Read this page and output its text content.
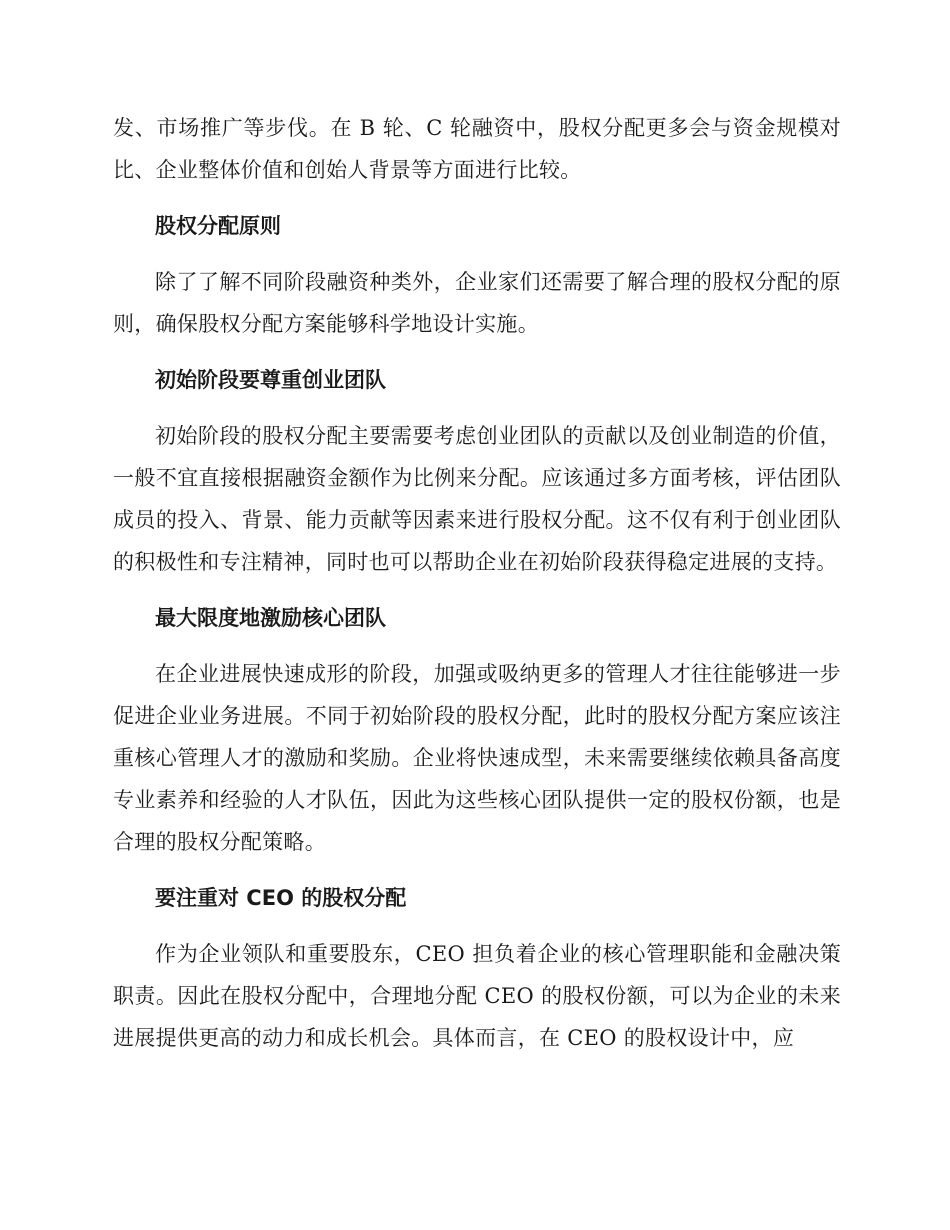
发、市场推广等步伐。在 B 轮、C 轮融资中，股权分配更多会与资金规模对比、企业整体价值和创始人背景等方面进行比较。

股权分配原则

除了了解不同阶段融资种类外，企业家们还需要了解合理的股权分配的原则，确保股权分配方案能够科学地设计实施。

初始阶段要尊重创业团队

初始阶段的股权分配主要需要考虑创业团队的贡献以及创业制造的价值，一般不宜直接根据融资金额作为比例来分配。应该通过多方面考核，评估团队成员的投入、背景、能力贡献等因素来进行股权分配。这不仅有利于创业团队的积极性和专注精神，同时也可以帮助企业在初始阶段获得稳定进展的支持。

最大限度地激励核心团队

在企业进展快速成形的阶段，加强或吸纳更多的管理人才往往能够进一步促进企业业务进展。不同于初始阶段的股权分配，此时的股权分配方案应该注重核心管理人才的激励和奖励。企业将快速成型，未来需要继续依赖具备高度专业素养和经验的人才队伍，因此为这些核心团队提供一定的股权份额，也是合理的股权分配策略。

要注重对 CEO 的股权分配

作为企业领队和重要股东，CEO 担负着企业的核心管理职能和金融决策职责。因此在股权分配中，合理地分配 CEO 的股权份额，可以为企业的未来进展提供更高的动力和成长机会。具体而言，在 CEO 的股权设计中，应
